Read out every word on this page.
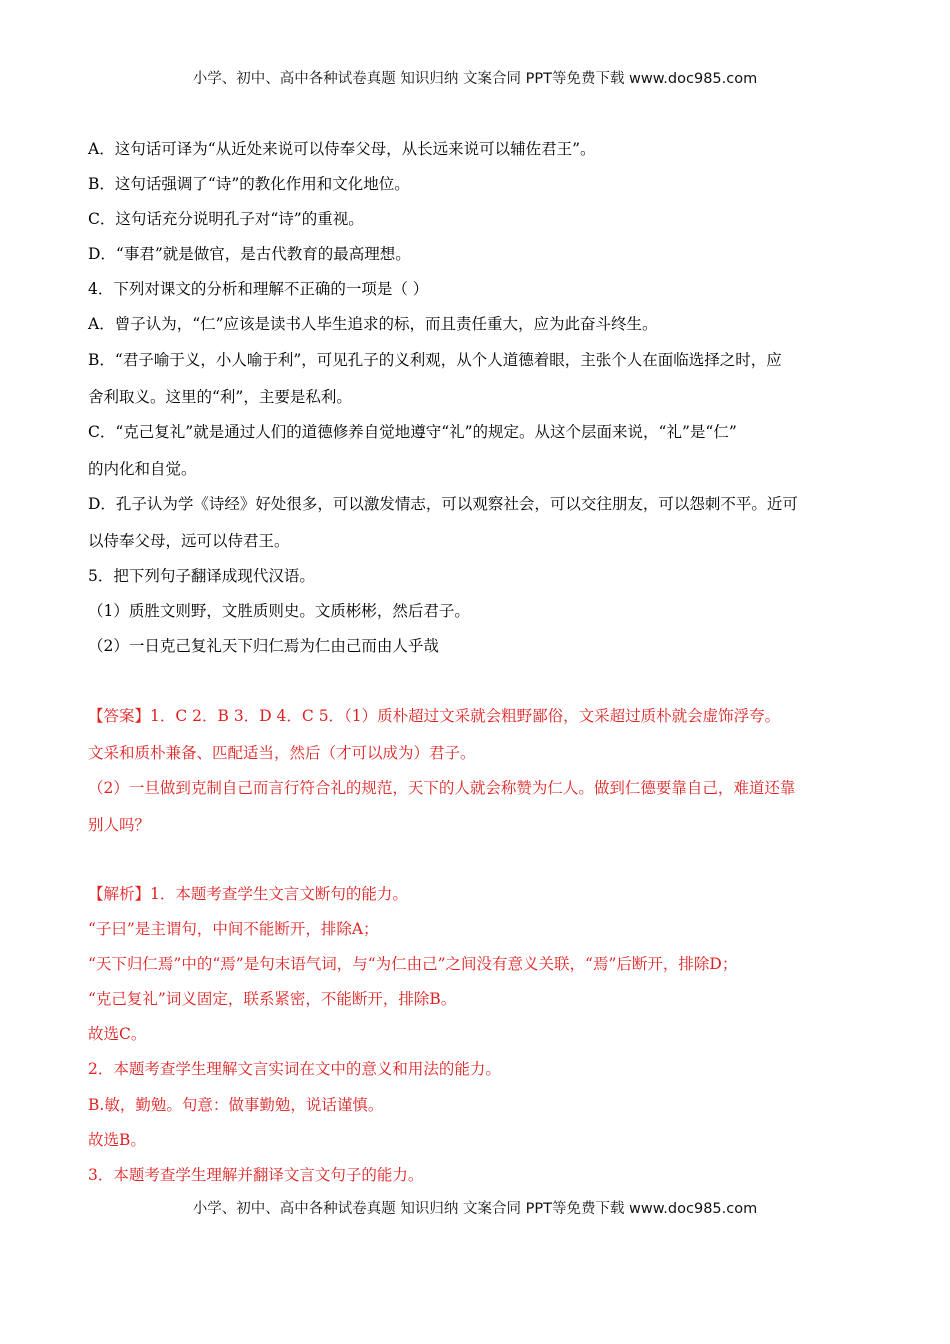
小学、初中、高中各种试卷真题 知识归纳 文案合同 PPT等免费下载 www.doc985.com
A．这句话可译为“从近处来说可以侍奉父母，从长远来说可以辅佐君王”。
B．这句话强调了“诗”的教化作用和文化地位。
C．这句话充分说明孔子对“诗”的重视。
D．“事君”就是做官，是古代教育的最高理想。
4．下列对课文的分析和理解不正确的一项是（ ）
A．曾子认为，“仁”应该是读书人毕生追求的标，而且责任重大，应为此奋斗终生。
B．“君子喻于义，小人喻于利”，可见孔子的义利观，从个人道德着眼，主张个人在面临选择之时，应
舍利取义。这里的“利”，主要是私利。
C．“克己复礼”就是通过人们的道德修养自觉地遵守“礼”的规定。从这个层面来说，“礼”是“仁”
的内化和自觉。
D．孔子认为学《诗经》好处很多，可以激发情志，可以观察社会，可以交往朋友，可以怨刺不平。近可
以侍奉父母，远可以侍君王。
5．把下列句子翻译成现代汉语。
（1）质胜文则野，文胜质则史。文质彬彬，然后君子。
（2）一日克己复礼天下归仁焉为仁由己而由人乎哉
【答案】1．C 2．B 3．D 4．C 5．（1）质朴超过文采就会粗野鄙俗，文采超过质朴就会虚饰浮夸。
文采和质朴兼备、匹配适当，然后（才可以成为）君子。
（2）一旦做到克制自己而言行符合礼的规范，天下的人就会称赞为仁人。做到仁德要靠自己，难道还靠
别人吗？
【解析】1．本题考查学生文言文断句的能力。
“子曰”是主谓句，中间不能断开，排除A；
“天下归仁焉”中的“焉”是句末语气词，与“为仁由己”之间没有意义关联，“焉”后断开，排除D；
“克己复礼”词义固定，联系紧密，不能断开，排除B。
故选C。
2．本题考查学生理解文言实词在文中的意义和用法的能力。
B.敏，勤勉。句意：做事勤勉，说话谨慎。
故选B。
3．本题考查学生理解并翻译文言文句子的能力。
小学、初中、高中各种试卷真题 知识归纳 文案合同 PPT等免费下载 www.doc985.com
